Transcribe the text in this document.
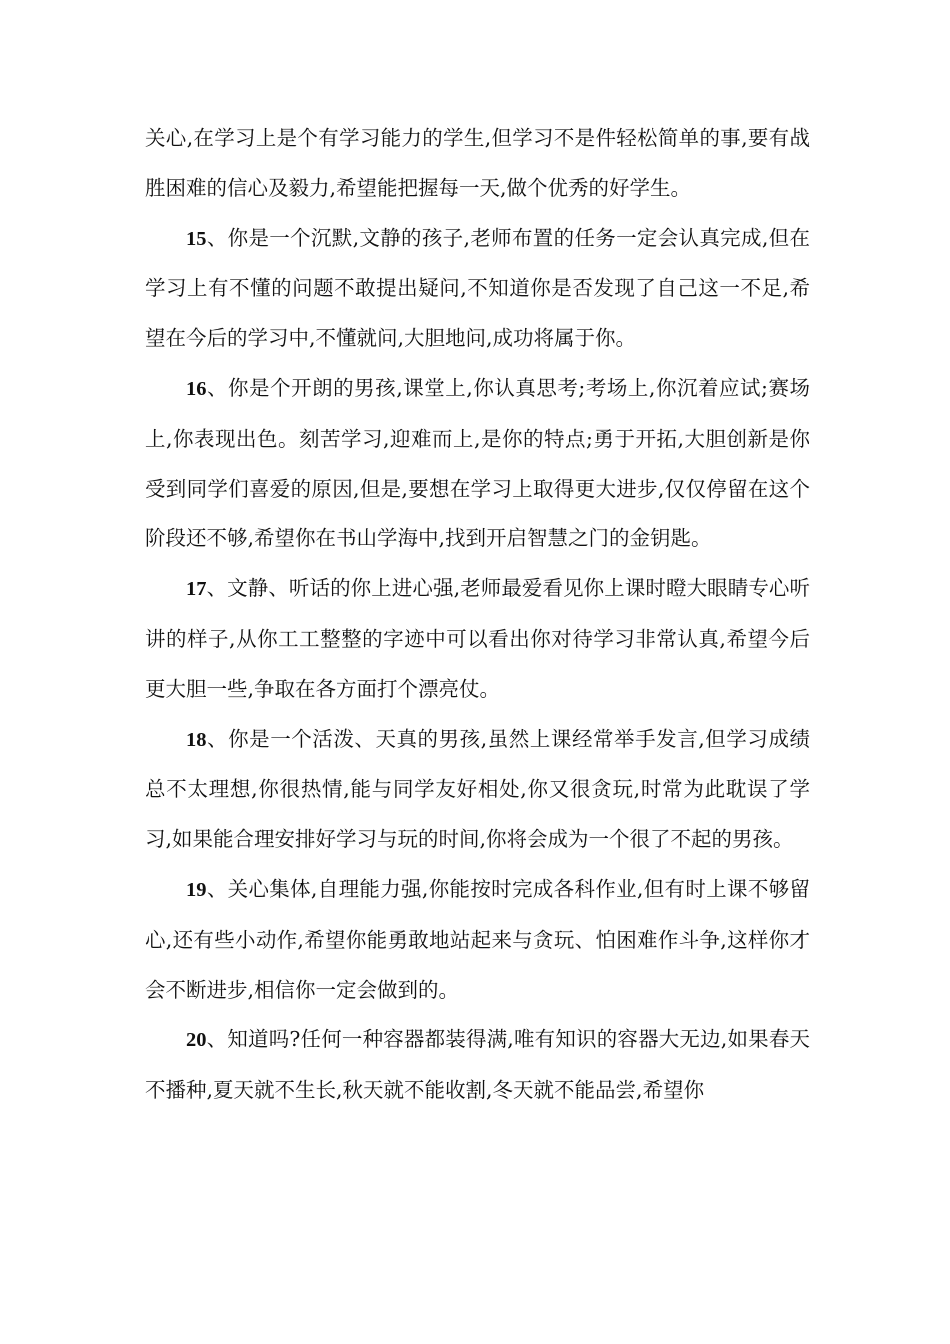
关心,在学习上是个有学习能力的学生,但学习不是件轻松简单的事,要有战胜困难的信心及毅力,希望能把握每一天,做个优秀的好学生。

15、你是一个沉默,文静的孩子,老师布置的任务一定会认真完成,但在学习上有不懂的问题不敢提出疑问,不知道你是否发现了自己这一不足,希望在今后的学习中,不懂就问,大胆地问,成功将属于你。

16、你是个开朗的男孩,课堂上,你认真思考;考场上,你沉着应试;赛场上,你表现出色。刻苦学习,迎难而上,是你的特点;勇于开拓,大胆创新是你受到同学们喜爱的原因,但是,要想在学习上取得更大进步,仅仅停留在这个阶段还不够,希望你在书山学海中,找到开启智慧之门的金钥匙。

17、文静、听话的你上进心强,老师最爱看见你上课时瞪大眼睛专心听讲的样子,从你工工整整的字迹中可以看出你对待学习非常认真,希望今后更大胆一些,争取在各方面打个漂亮仗。

18、你是一个活泼、天真的男孩,虽然上课经常举手发言,但学习成绩总不太理想,你很热情,能与同学友好相处,你又很贪玩,时常为此耽误了学习,如果能合理安排好学习与玩的时间,你将会成为一个很了不起的男孩。

19、关心集体,自理能力强,你能按时完成各科作业,但有时上课不够留心,还有些小动作,希望你能勇敢地站起来与贪玩、怕困难作斗争,这样你才会不断进步,相信你一定会做到的。

20、知道吗?任何一种容器都装得满,唯有知识的容器大无边,如果春天不播种,夏天就不生长,秋天就不能收割,冬天就不能品尝,希望你
